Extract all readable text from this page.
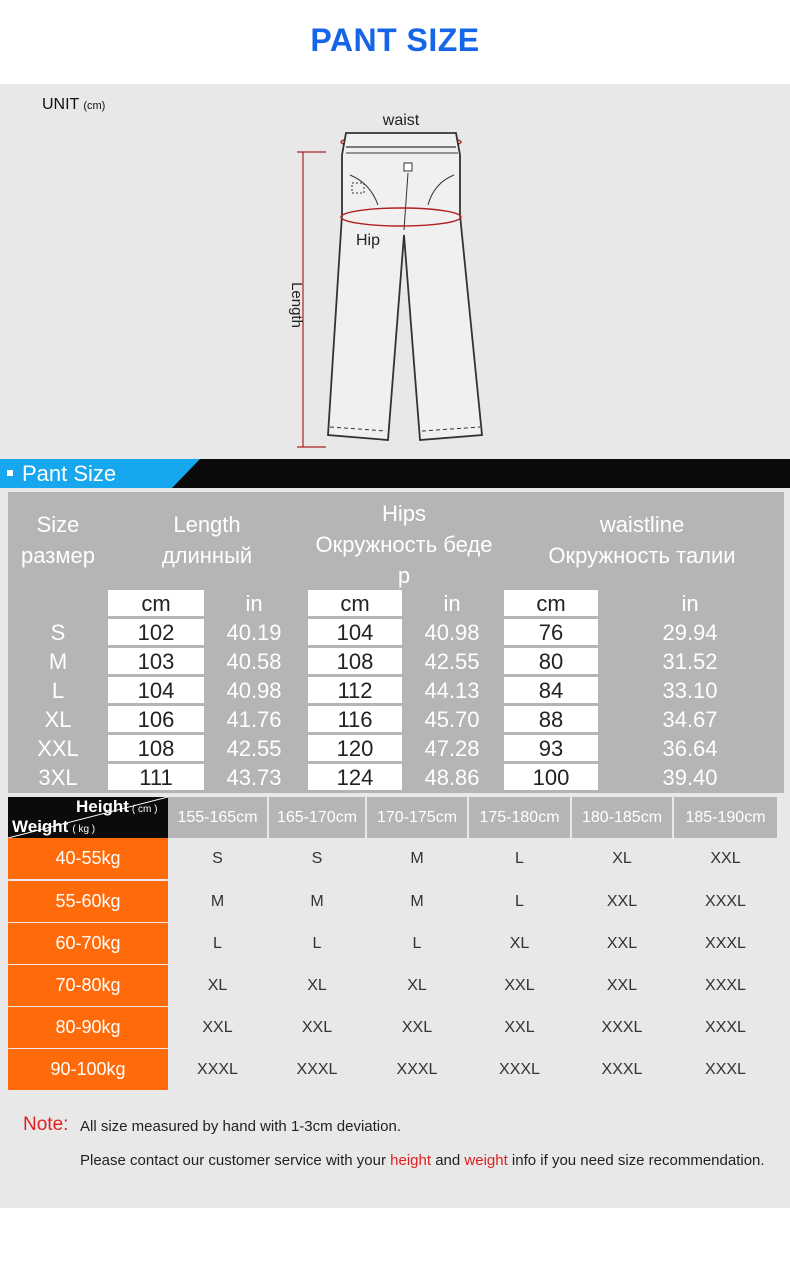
PANT SIZE
UNIT (cm)
waist
Hip
Length
Pant Size
Size
размер
Length
длинный
Hips
Окружность беде
р
waistline
Окружность талии
cm	in	cm	in	cm	in
S	102	40.19	104	40.98	76	29.94
M	103	40.58	108	42.55	80	31.52
L	104	40.98	112	44.13	84	33.10
XL	106	41.76	116	45.70	88	34.67
XXL	108	42.55	120	47.28	93	36.64
3XL	111	43.73	124	48.86	100	39.40
Height ( cm )
Weight ( kg )
155-165cm	165-170cm	170-175cm	175-180cm	180-185cm	185-190cm
40-55kg	S	S	M	L	XL	XXL
55-60kg	M	M	M	L	XXL	XXXL
60-70kg	L	L	L	XL	XXL	XXXL
70-80kg	XL	XL	XL	XXL	XXL	XXXL
80-90kg	XXL	XXL	XXL	XXL	XXXL	XXXL
90-100kg	XXXL	XXXL	XXXL	XXXL	XXXL	XXXL
Note: All size measured by hand with 1-3cm deviation.
Please contact our customer service with your height and weight info if you need size recommendation.
